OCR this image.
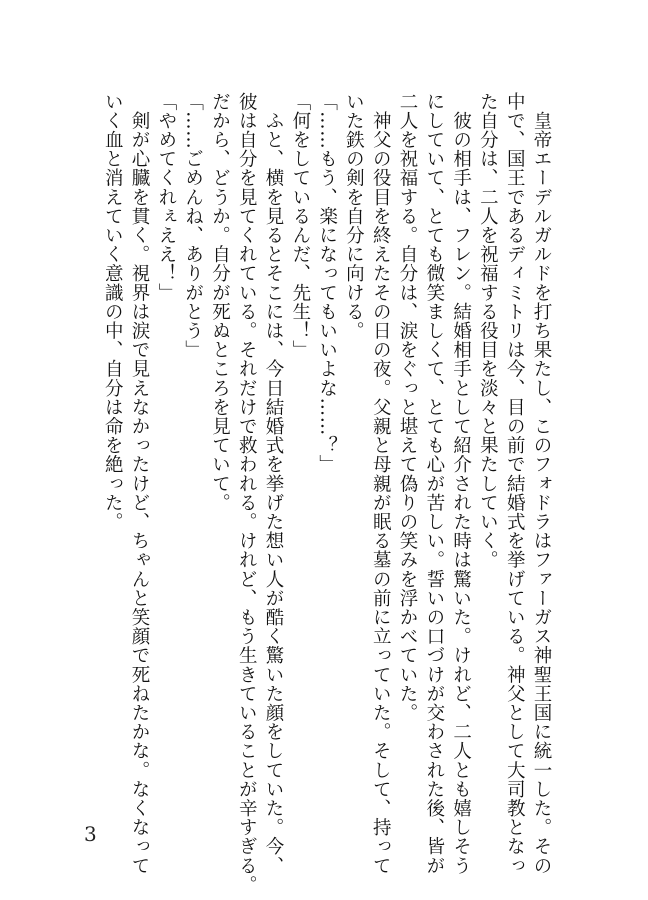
　皇帝エーデルガルドを打ち果たし、このフォドラはファーガス神聖王国に統一した。その
中で、国王であるディミトリは今、目の前で結婚式を挙げている。神父として大司教となっ
た自分は、二人を祝福する役目を淡々と果たしていく。
　彼の相手は、フレン。結婚相手として紹介された時は驚いた。けれど、二人とも嬉しそう
にしていて、とても微笑ましくて、とても心が苦しい。誓いの口づけが交わされた後、皆が
二人を祝福する。自分は、涙をぐっと堪えて偽りの笑みを浮かべていた。
　神父の役目を終えたその日の夜。父親と母親が眠る墓の前に立っていた。そして、持って
いた鉄の剣を自分に向ける。
「……もう、楽になってもいいよな……？」
「何をしているんだ、先生！」
　ふと、横を見るとそこには、今日結婚式を挙げた想い人が酷く驚いた顔をしていた。今、
彼は自分を見てくれている。それだけで救われる。けれど、もう生きていることが辛すぎる。
だから、どうか。自分が死ぬところを見ていて。
「……ごめんね、ありがとう」
「やめてくれぇええ！」
　剣が心臓を貫く。視界は涙で見えなかったけど、ちゃんと笑顔で死ねたかな。なくなって
いく血と消えていく意識の中、自分は命を絶った。
3
